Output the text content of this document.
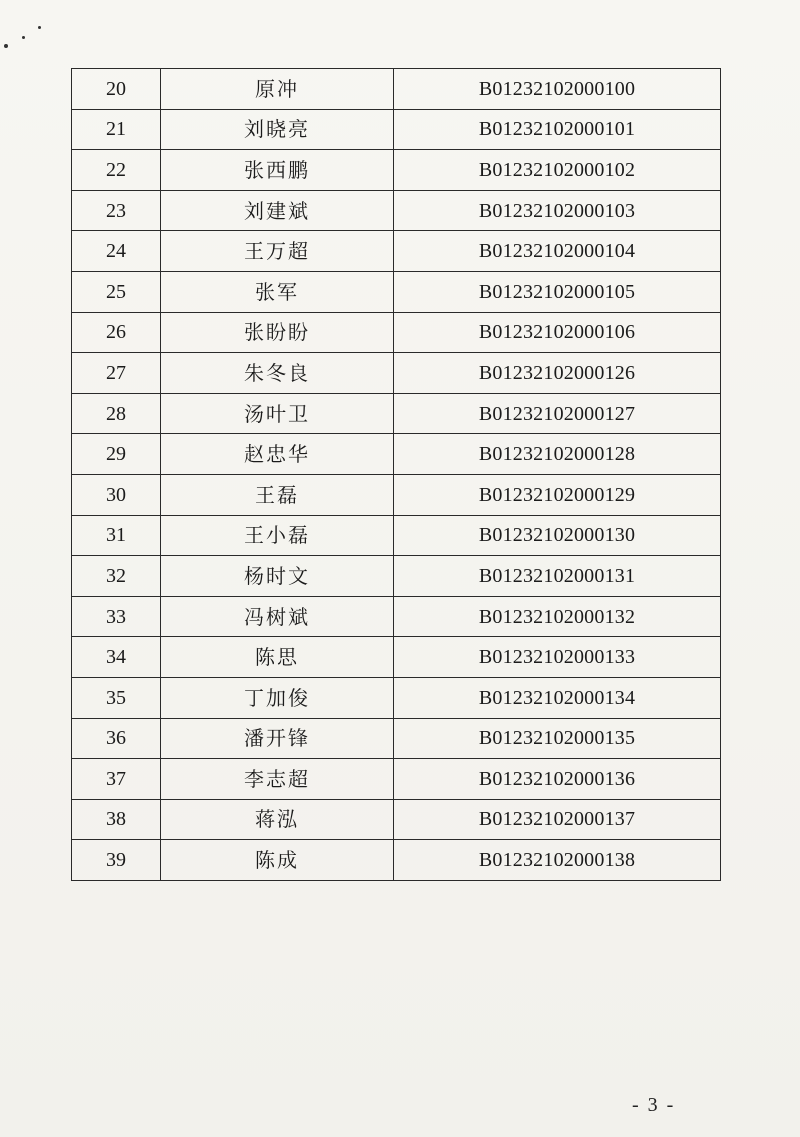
20	原冲	B01232102000100
21	刘晓亮	B01232102000101
22	张西鹏	B01232102000102
23	刘建斌	B01232102000103
24	王万超	B01232102000104
25	张军	B01232102000105
26	张盼盼	B01232102000106
27	朱冬良	B01232102000126
28	汤叶卫	B01232102000127
29	赵忠华	B01232102000128
30	王磊	B01232102000129
31	王小磊	B01232102000130
32	杨时文	B01232102000131
33	冯树斌	B01232102000132
34	陈思	B01232102000133
35	丁加俊	B01232102000134
36	潘开锋	B01232102000135
37	李志超	B01232102000136
38	蒋泓	B01232102000137
39	陈成	B01232102000138
- 3 -
